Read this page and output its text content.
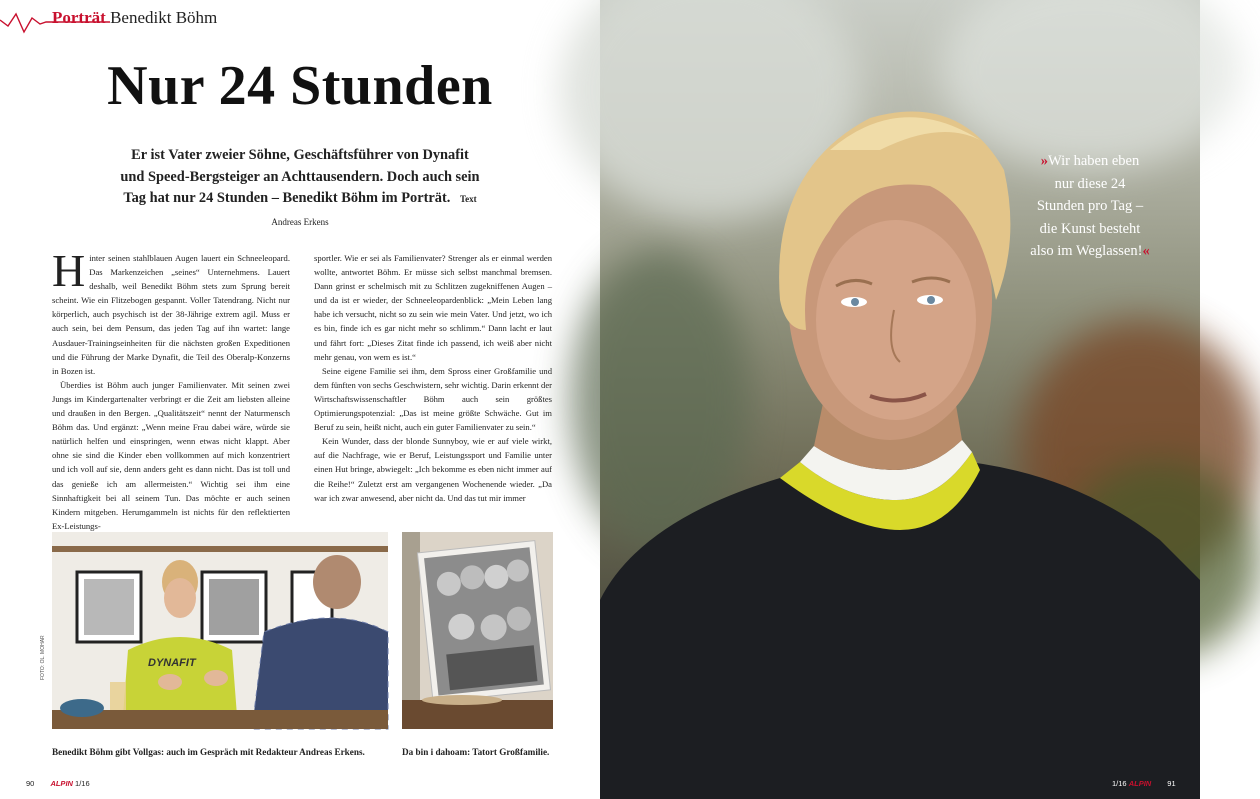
Porträt Benedikt Böhm
Nur 24 Stunden
Er ist Vater zweier Söhne, Geschäftsführer von Dynafit und Speed-Bergsteiger an Achttausendern. Doch auch sein Tag hat nur 24 Stunden – Benedikt Böhm im Porträt. Text Andreas Erkens

Hinter seinen stahlblauen Augen lauert ein Schneeleopard. Das Markenzeichen „seines“ Unternehmens. Lauert deshalb, weil Benedikt Böhm stets zum Sprung bereit scheint. Wie ein Flitzebogen gespannt. Voller Tatendrang. Nicht nur körperlich, auch psychisch ist der 38-Jährige extrem agil. Muss er auch sein, bei dem Pensum, das jeden Tag auf ihn wartet: lange Ausdauer-Trainingseinheiten für die nächsten großen Expeditionen und die Führung der Marke Dynafit, die Teil des Oberalp-Konzerns in Bozen ist.

Überdies ist Böhm auch junger Familienvater. Mit seinen zwei Jungs im Kindergartenalter verbringt er die Zeit am liebsten alleine und draußen in den Bergen. „Qualitätszeit“ nennt der Naturmensch Böhm das. Und ergänzt: „Wenn meine Frau dabei wäre, würde sie natürlich helfen und einspringen, wenn etwas nicht klappt. Aber ohne sie sind die Kinder eben vollkommen auf mich konzentriert und ich voll auf sie, denn anders geht es dann nicht. Das ist toll und das genieße ich am allermeisten.“ Wichtig sei ihm eine Sinnhaftigkeit bei all seinem Tun. Das möchte er auch seinen Kindern mitgeben. Herumgammeln ist nichts für den reflektierten Ex-Leistungs-

sportler. Wie er sei als Familienvater? Strenger als er einmal werden wollte, antwortet Böhm. Er müsse sich selbst manchmal bremsen. Dann grinst er schelmisch mit zu Schlitzen zugekniffenen Augen – und da ist er wieder, der Schneeleopardenblick: „Mein Leben lang habe ich versucht, nicht so zu sein wie mein Vater. Und jetzt, wo ich es bin, finde ich es gar nicht mehr so schlimm.“ Dann lacht er laut und fährt fort: „Dieses Zitat finde ich passend, ich weiß aber nicht mehr genau, von wem es ist.“

Seine eigene Familie sei ihm, dem Spross einer Großfamilie und dem fünften von sechs Geschwistern, sehr wichtig. Darin erkennt der Wirtschaftswissenschaftler Böhm auch sein größtes Optimierungspotenzial: „Das ist meine größte Schwäche. Gut im Beruf zu sein, heißt nicht, auch ein guter Familienvater zu sein.“

Kein Wunder, dass der blonde Sunnyboy, wie er auf viele wirkt, auf die Nachfrage, wie er Beruf, Leistungssport und Familie unter einen Hut bringe, abwiegelt: „Ich bekomme es eben nicht immer auf die Reihe!“ Zuletzt erst am vergangenen Wochenende wieder. „Da war ich zwar anwesend, aber nicht da. Und das tut mir immer

DYNAFIT
FOTO: OL. MOHAR
Benedikt Böhm gibt Vollgas: auch im Gespräch mit Redakteur Andreas Erkens.	Da bin i dahoam: Tatort Großfamilie.
90 ALPIN 1/16
»Wir haben eben nur diese 24 Stunden pro Tag – die Kunst besteht also im Weglassen!«
1/16 ALPIN 91
